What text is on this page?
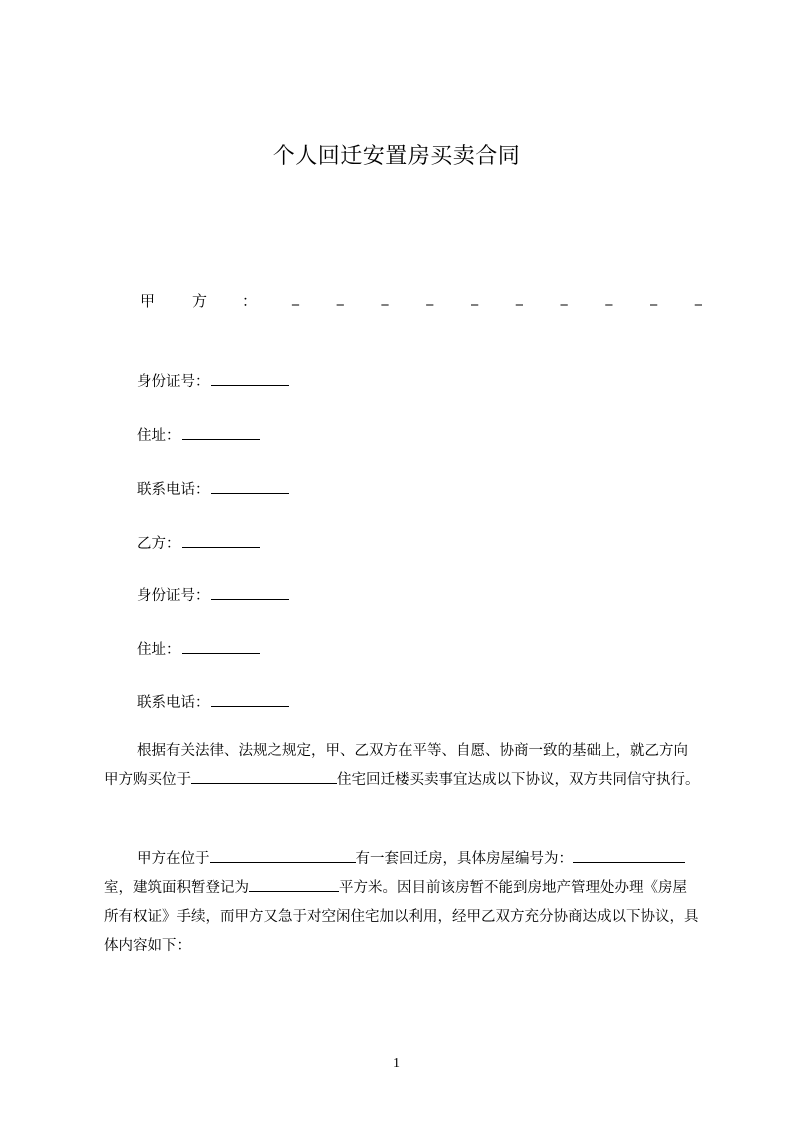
个人回迁安置房买卖合同
甲 方 ： _	_	_	_	_	_	_	_	_	_
身份证号：
住址：
联系电话：
乙方：
身份证号：
住址：
联系电话：
根据有关法律、法规之规定，甲、乙双方在平等、自愿、协商一致的基础上，就乙方向甲方购买位于	住宅回迁楼买卖事宜达成以下协议，双方共同信守执行。
甲方在位于	有一套回迁房，具体房屋编号为：室，建筑面积暂登记为	平方米。因目前该房暂不能到房地产管理处办理《房屋所有权证》手续，而甲方又急于对空闲住宅加以利用，经甲乙双方充分协商达成以下协议，具体内容如下：
1
